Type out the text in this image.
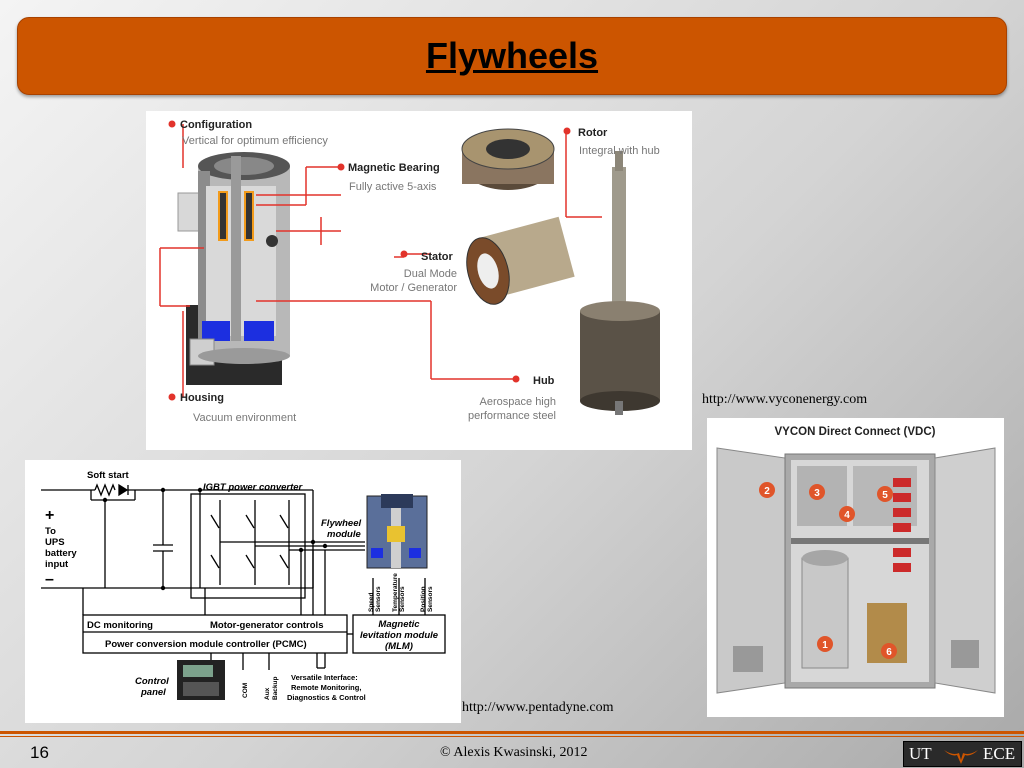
Flywheels
Configuration
Vertical for optimum efficiency
Magnetic Bearing
Fully active 5-axis
Stator
Dual Mode
Motor / Generator
Housing
Vacuum environment
Rotor
Integral with hub
Hub
Aerospace high
performance steel
http://www.vyconenergy.com
Soft start
IGBT power converter
+
To
UPS
battery
input
–
Flywheel
module
DC monitoring	Motor-generator controls
Power conversion module controller (PCMC)
Magnetic
levitation module
(MLM)
Speed Sensors Temperature Sensors Position Sensors
COM Aux Backup
Control
panel
Versatile Interface:
Remote Monitoring,
Diagnostics & Control
http://www.pentadyne.com
VYCON Direct Connect (VDC)
2	3
4
5
1
6
16	© Alexis Kwasinski, 2012	UT	ECE
